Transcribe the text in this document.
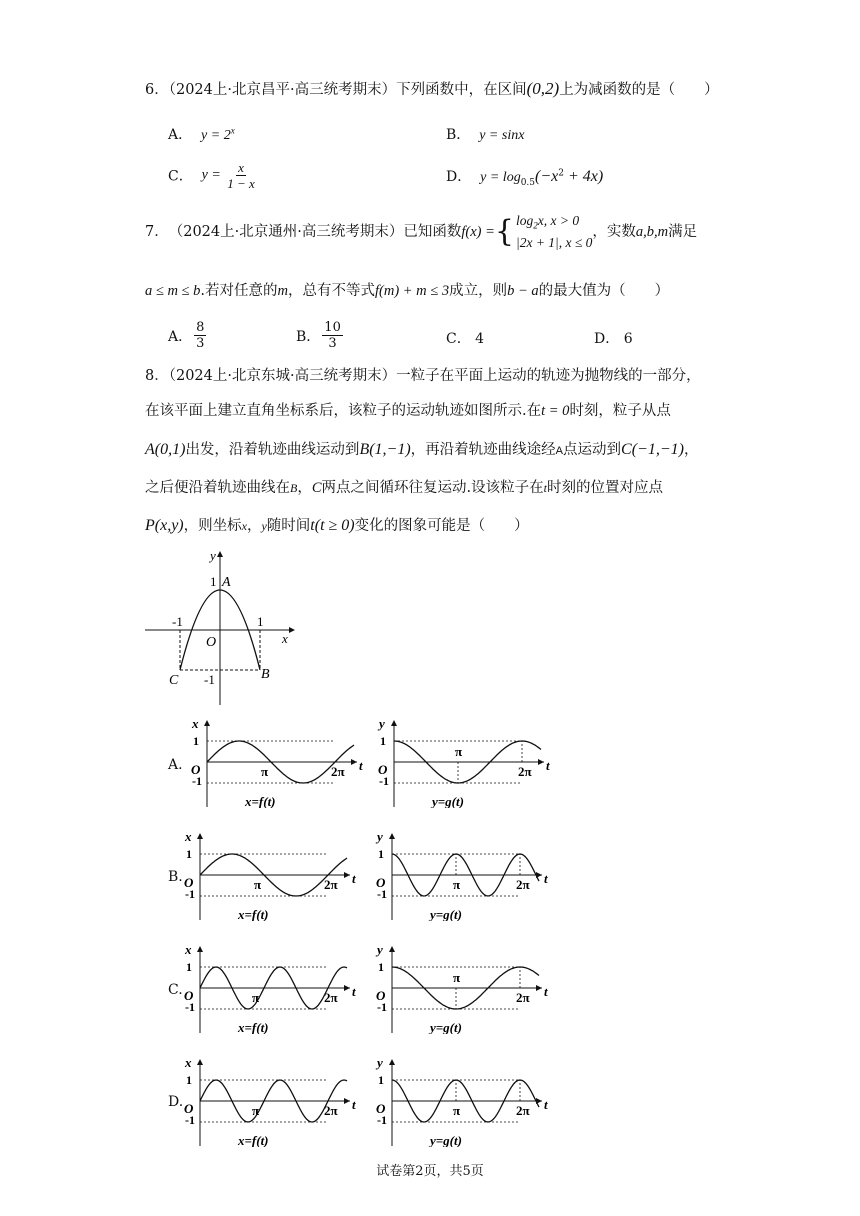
6．（2024上·北京昌平·高三统考期末）下列函数中，在区间(0,2)上为减函数的是（　　）
A． $y = 2^x$	B． y = sinx
C． $y = \frac{x}{1 - x}$	D． $y = \log_{0.5}(-x^2 + 4x)$
7． （2024上·北京通州·高三统考期末） 已知函数 f(x) = { $\log_2x$, x > 0
|2x + 1|, x ≤ 0
，实数 a,b,m 满足
a ≤ m ≤ b.若对任意的m，总有不等式f(m) + m ≤ 3成立，则b − a的最大值为（　　）
A． $\frac{8}{3}$	B． $\frac{10}{3}$	C． 4	D． 6
8．（2024上·北京东城·高三统考期末）一粒子在平面上运动的轨迹为抛物线的一部分，
在该平面上建立直角坐标系后，该粒子的运动轨迹如图所示.在t = 0时刻，粒子从点
A(0,1)出发，沿着轨迹曲线运动到B(1,−1)，再沿着轨迹曲线途经A点运动到C(−1,−1)，
之后便沿着轨迹曲线在B，C两点之间循环往复运动.设该粒子在t时刻的位置对应点
P(x,y)，则坐标x，y随时间t(t ≥ 0)变化的图象可能是（　　）
y
x
1 A
-1
O
1
C -1	B
A.
B.
C.
D.
x
1
-1
O	π	2π t
x=f(t)
y
1
-1
O
π
2π t
y=g(t)
x
1
-1
O	π	2π t
x=f(t)
y
1
-1
O	π	2π t
y=g(t)
x
1
-1
O	π	2π t
x=f(t)
y
1
-1
O
π
2π t
y=g(t)
x
1
-1
O	π	2π t
x=f(t)
y
1
-1
O	π	2π t
y=g(t)
试卷第2页，共5页
